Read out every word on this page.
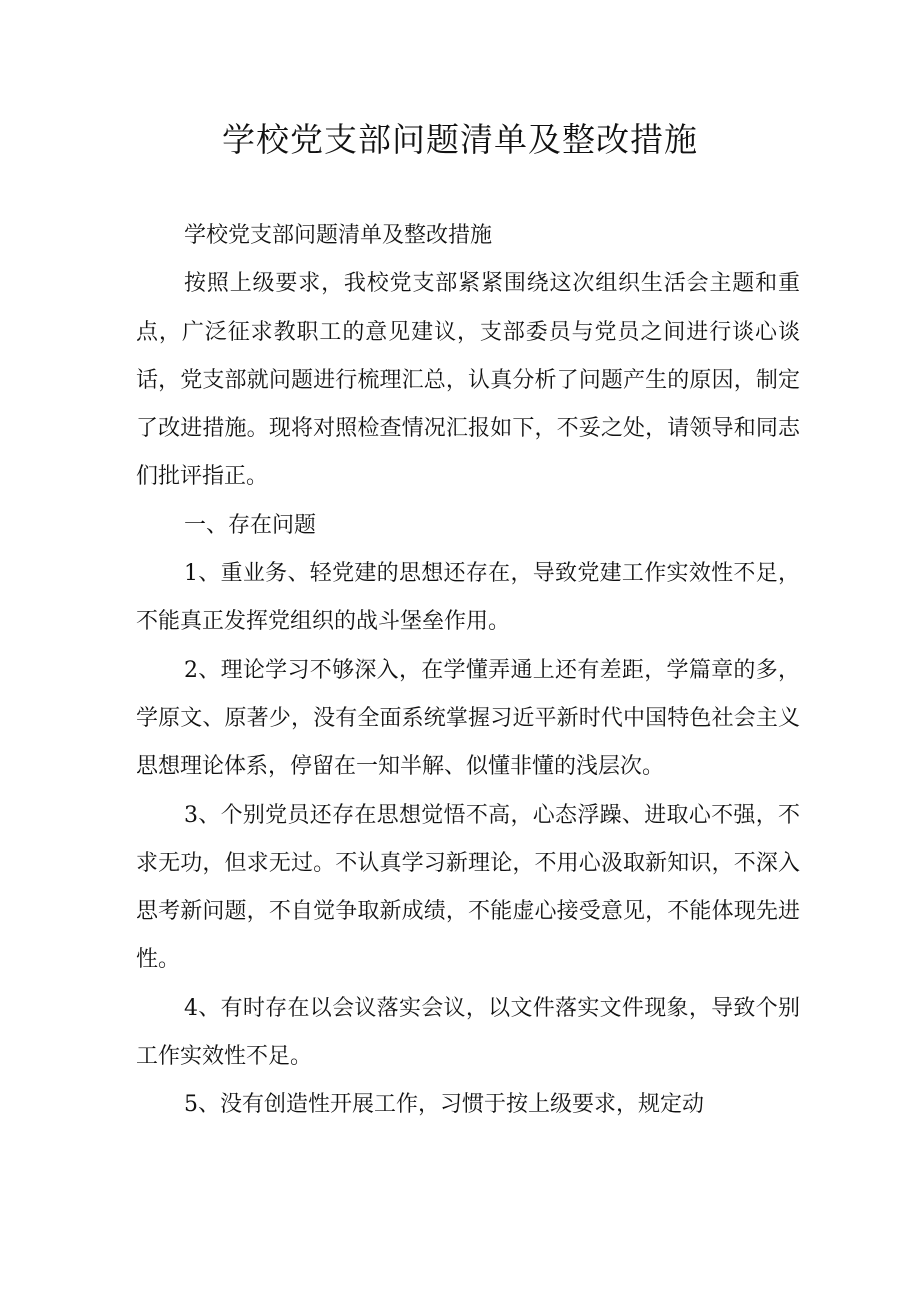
学校党支部问题清单及整改措施

学校党支部问题清单及整改措施

按照上级要求，我校党支部紧紧围绕这次组织生活会主题和重点，广泛征求教职工的意见建议，支部委员与党员之间进行谈心谈话，党支部就问题进行梳理汇总，认真分析了问题产生的原因，制定了改进措施。现将对照检查情况汇报如下，不妥之处，请领导和同志们批评指正。

一、存在问题

1、重业务、轻党建的思想还存在，导致党建工作实效性不足，不能真正发挥党组织的战斗堡垒作用。

2、理论学习不够深入，在学懂弄通上还有差距，学篇章的多，学原文、原著少，没有全面系统掌握习近平新时代中国特色社会主义思想理论体系，停留在一知半解、似懂非懂的浅层次。

3、个别党员还存在思想觉悟不高，心态浮躁、进取心不强，不求无功，但求无过。不认真学习新理论，不用心汲取新知识，不深入思考新问题，不自觉争取新成绩，不能虚心接受意见，不能体现先进性。

4、有时存在以会议落实会议，以文件落实文件现象，导致个别工作实效性不足。

5、没有创造性开展工作，习惯于按上级要求，规定动
